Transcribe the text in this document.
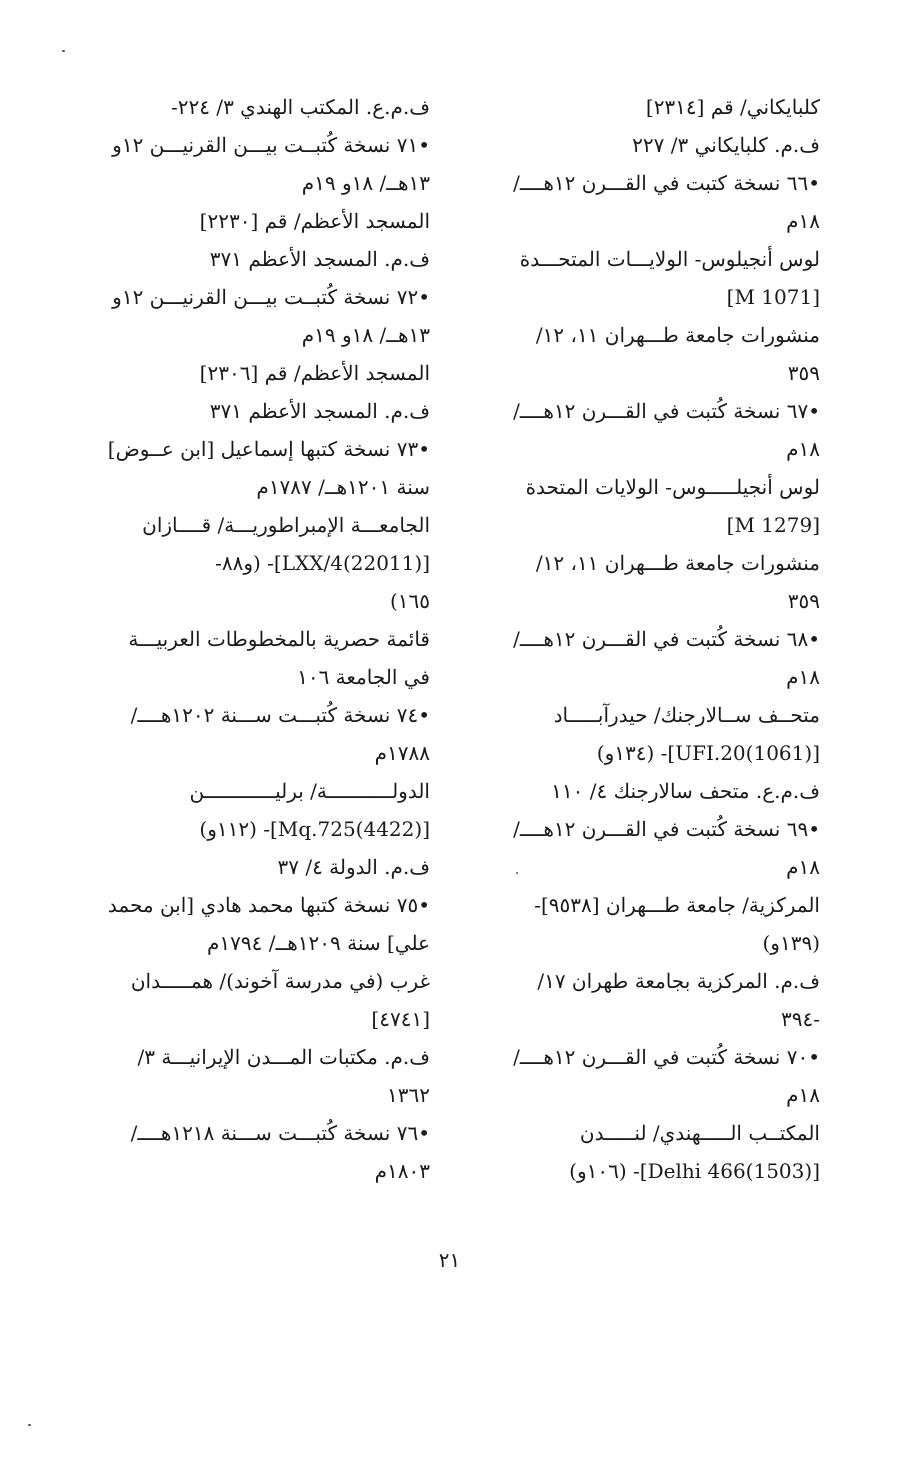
كلبايكاني/ قم [٢٣١٤]
ف.م. كلبايكاني ٣/ ٢٢٧
•٦٦ نسخة كتبت في القـــرن ١٢هــــ/
١٨م
لوس أنجيلوس- الولايـــات المتحـــدة
[M 1071]
منشورات جامعة طـــهران ١١، ١٢/
٣٥٩
•٦٧ نسخة كُتبت في القـــرن ١٢هــــ/
١٨م
لوس أنجيلـــــوس- الولايات المتحدة
[M 1279]
منشورات جامعة طـــهران ١١، ١٢/
٣٥٩
•٦٨ نسخة كُتبت في القـــرن ١٢هــــ/
١٨م
متحــف ســالارجنك/ حيدرآبـــــاد
[(1061)UFI.20]- (١٣٤و)
ف.م.ع. متحف سالارجنك ٤/ ١١٠
•٦٩ نسخة كُتبت في القـــرن ١٢هــــ/
١٨م
المركزية/ جامعة طـــهران [٩٥٣٨]-
(١٣٩و)
ف.م. المركزية بجامعة طهران ١٧/
-٣٩٤
•٧٠ نسخة كُتبت في القـــرن ١٢هــــ/
١٨م
المكتــب الـــــهندي/ لنـــــدن
[(1503)Delhi 466]- (١٠٦و)
ف.م.ع. المكتب الهندي ٣/ ٢٢٤-
•٧١ نسخة كُتبــت بيـــن القرنيـــن ١٢و
١٣هــ/ ١٨و ١٩م
المسجد الأعظم/ قم [٢٢٣٠]
ف.م. المسجد الأعظم ٣٧١
•٧٢ نسخة كُتبــت بيـــن القرنيـــن ١٢و
١٣هــ/ ١٨و ١٩م
المسجد الأعظم/ قم [٢٣٠٦]
ف.م. المسجد الأعظم ٣٧١
•٧٣ نسخة كتبها إسماعيل [ابن عــوض]
سنة ١٢٠١هــ/ ١٧٨٧م
الجامعـــة الإمبراطوريـــة/ قــــازان
[LXX/4(22011)]- (و٨٨-
١٦٥)
قائمة حصرية بالمخطوطات العربيـــة
في الجامعة ١٠٦
•٧٤ نسخة كُتبـــت ســـنة ١٢٠٢هــــ/
١٧٨٨م
الدولـــــــــــة/ برليــــــــــــن
[(4422)Mq.725]- (١١٢و)
ف.م. الدولة ٤/ ٣٧
•٧٥ نسخة كتبها محمد هادي [ابن محمد
علي] سنة ١٢٠٩هــ/ ١٧٩٤م
غرب (في مدرسة آخوند)/ همـــــدان
[٤٧٤١]
ف.م. مكتبات المـــدن الإيرانيـــة ٣/
١٣٦٢
•٧٦ نسخة كُتبـــت ســـنة ١٢١٨هــــ/
١٨٠٣م
٢١
